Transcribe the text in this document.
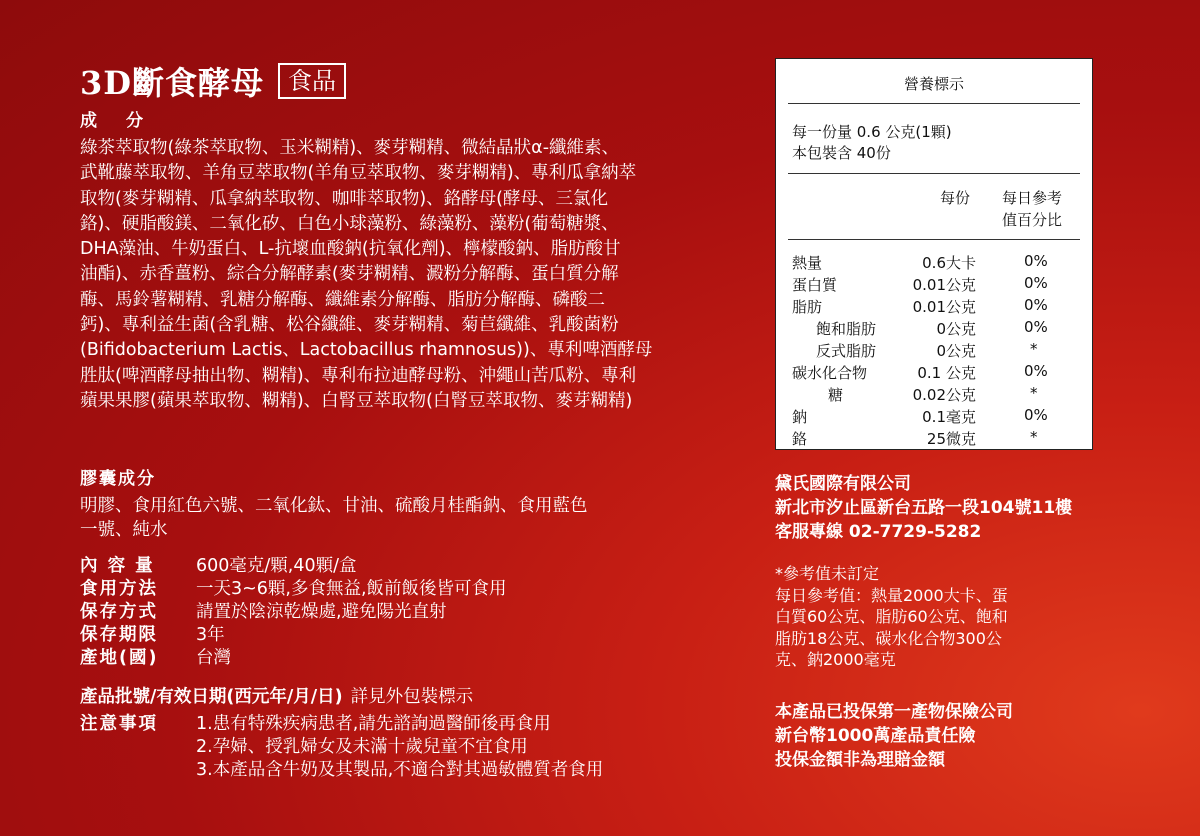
3D斷食酵母	食品
成　分
綠茶萃取物(綠茶萃取物、玉米糊精)、麥芽糊精、微結晶狀α-纖維素、
武靴藤萃取物、羊角豆萃取物(羊角豆萃取物、麥芽糊精)、專利瓜拿納萃
取物(麥芽糊精、瓜拿納萃取物、咖啡萃取物)、鉻酵母(酵母、三氯化
鉻)、硬脂酸鎂、二氧化矽、白色小球藻粉、綠藻粉、藻粉(葡萄糖漿、
DHA藻油、牛奶蛋白、L-抗壞血酸鈉(抗氧化劑)、檸檬酸鈉、脂肪酸甘
油酯)、赤香薑粉、綜合分解酵素(麥芽糊精、澱粉分解酶、蛋白質分解
酶、馬鈴薯糊精、乳糖分解酶、纖維素分解酶、脂肪分解酶、磷酸二
鈣)、專利益生菌(含乳糖、松谷纖維、麥芽糊精、菊苣纖維、乳酸菌粉
(Bifidobacterium Lactis、Lactobacillus rhamnosus))、專利啤酒酵母
胜肽(啤酒酵母抽出物、糊精)、專利布拉迪酵母粉、沖繩山苦瓜粉、專利
蘋果果膠(蘋果萃取物、糊精)、白腎豆萃取物(白腎豆萃取物、麥芽糊精)
膠囊成分
明膠、食用紅色六號、二氧化鈦、甘油、硫酸月桂酯鈉、食用藍色
一號、純水
內 容 量	600毫克/顆,40顆/盒
食用方法	一天3~6顆,多食無益,飯前飯後皆可食用
保存方式	請置於陰涼乾燥處,避免陽光直射
保存期限	3年
產地(國)	台灣
產品批號/有效日期(西元年/月/日) 詳見外包裝標示
注意事項	1.患有特殊疾病患者,請先諮詢過醫師後再食用
2.孕婦、授乳婦女及未滿十歲兒童不宜食用
3.本產品含牛奶及其製品,不適合對其過敏體質者食用
營養標示
每一份量 0.6 公克(1顆)
本包裝含 40份
每份 每日參考
值百分比
熱量	0.6大卡	0%
蛋白質	0.01公克	0%
脂肪	0.01公克	0%
飽和脂肪	0公克	0%
反式脂肪	0公克	*
碳水化合物	0.1 公克	0%
糖	0.02公克	*
鈉	0.1毫克	0%
鉻	25微克	*
黛氏國際有限公司
新北市汐止區新台五路一段104號11樓
客服專線 02-7729-5282
*參考值未訂定
每日參考值：熱量2000大卡、蛋
白質60公克、脂肪60公克、飽和
脂肪18公克、碳水化合物300公
克、鈉2000毫克
本產品已投保第一產物保險公司
新台幣1000萬產品責任險
投保金額非為理賠金額
